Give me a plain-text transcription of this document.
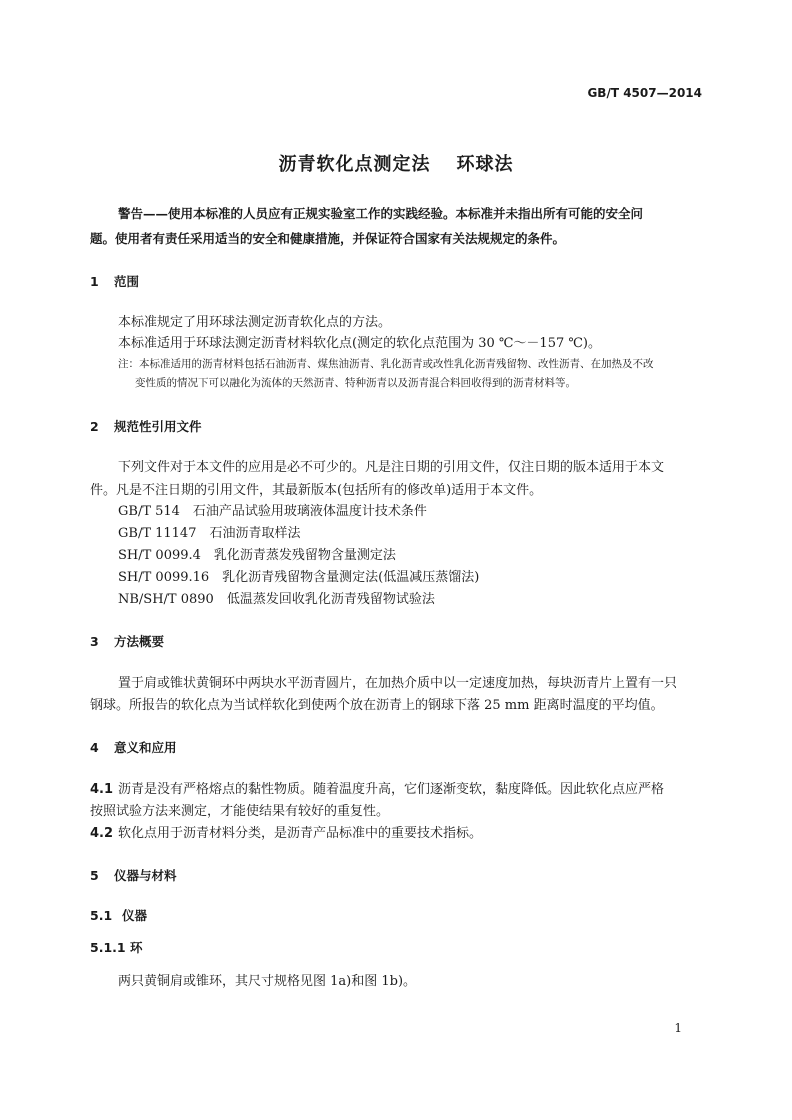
GB/T 4507—2014
沥青软化点测定法 环球法
警告——使用本标准的人员应有正规实验室工作的实践经验。本标准并未指出所有可能的安全问
题。使用者有责任采用适当的安全和健康措施，并保证符合国家有关法规规定的条件。
1 范围
本标准规定了用环球法测定沥青软化点的方法。
本标准适用于环球法测定沥青材料软化点(测定的软化点范围为 30 ℃～－157 ℃)。
注：本标准适用的沥青材料包括石油沥青、煤焦油沥青、乳化沥青或改性乳化沥青残留物、改性沥青、在加热及不改
变性质的情况下可以融化为流体的天然沥青、特种沥青以及沥青混合料回收得到的沥青材料等。
2 规范性引用文件
下列文件对于本文件的应用是必不可少的。凡是注日期的引用文件，仅注日期的版本适用于本文
件。凡是不注日期的引用文件，其最新版本(包括所有的修改单)适用于本文件。
GB/T 514　石油产品试验用玻璃液体温度计技术条件
GB/T 11147　石油沥青取样法
SH/T 0099.4　乳化沥青蒸发残留物含量测定法
SH/T 0099.16　乳化沥青残留物含量测定法(低温减压蒸馏法)
NB/SH/T 0890　低温蒸发回收乳化沥青残留物试验法
3 方法概要
置于肩或锥状黄铜环中两块水平沥青圆片，在加热介质中以一定速度加热，每块沥青片上置有一只
钢球。所报告的软化点为当试样软化到使两个放在沥青上的钢球下落 25 mm 距离时温度的平均值。
4 意义和应用
4.1 沥青是没有严格熔点的黏性物质。随着温度升高，它们逐渐变软，黏度降低。因此软化点应严格
按照试验方法来测定，才能使结果有较好的重复性。
4.2 软化点用于沥青材料分类，是沥青产品标准中的重要技术指标。
5 仪器与材料
5.1 仪器
5.1.1 环
两只黄铜肩或锥环，其尺寸规格见图 1a)和图 1b)。
1
